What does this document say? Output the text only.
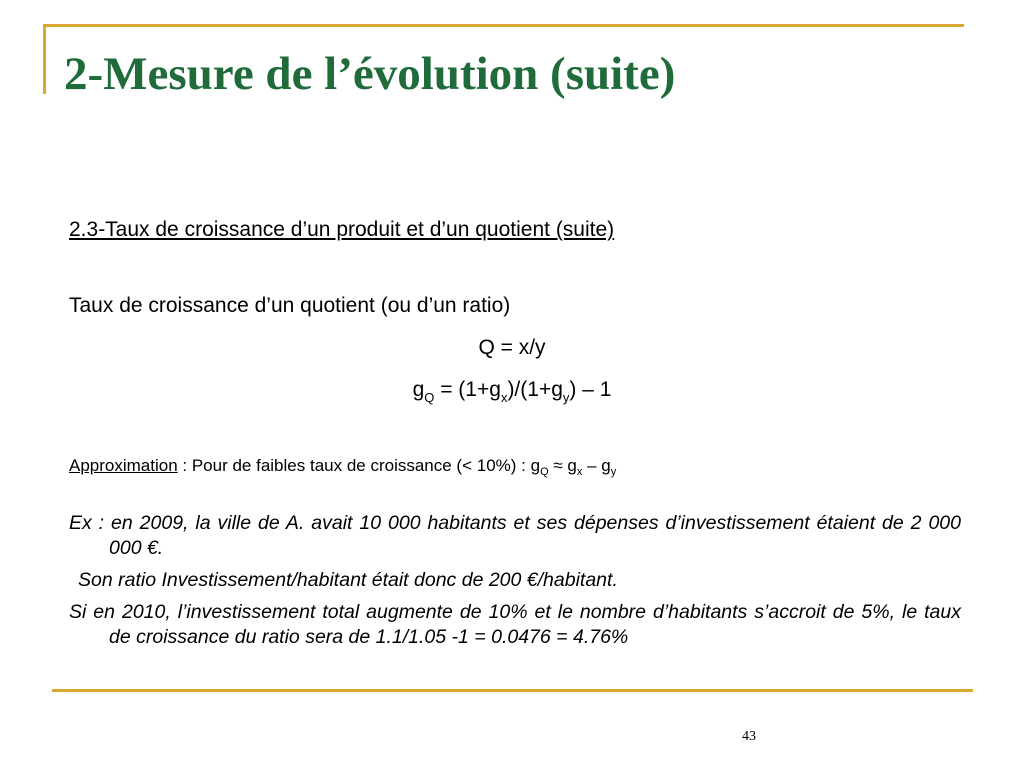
2-Mesure de l’évolution (suite)
2.3-Taux de croissance d’un produit et d’un quotient (suite)
Taux de croissance d’un quotient (ou d’un ratio)
Q = x/y
$g_Q = (1+g_x)/(1+g_y) - 1$
Approximation : Pour de faibles taux de croissance (< 10%) : $g_Q \approx g_x - g_y$
Ex : en 2009, la ville de A. avait 10 000 habitants et ses dépenses d’investissement étaient de 2 000 000 €.
Son ratio Investissement/habitant était donc de 200 €/habitant.
Si en 2010, l’investissement total augmente de 10% et le nombre d’habitants s’accroit de 5%, le taux de croissance du ratio sera de 1.1/1.05 -1 = 0.0476 = 4.76%
43
